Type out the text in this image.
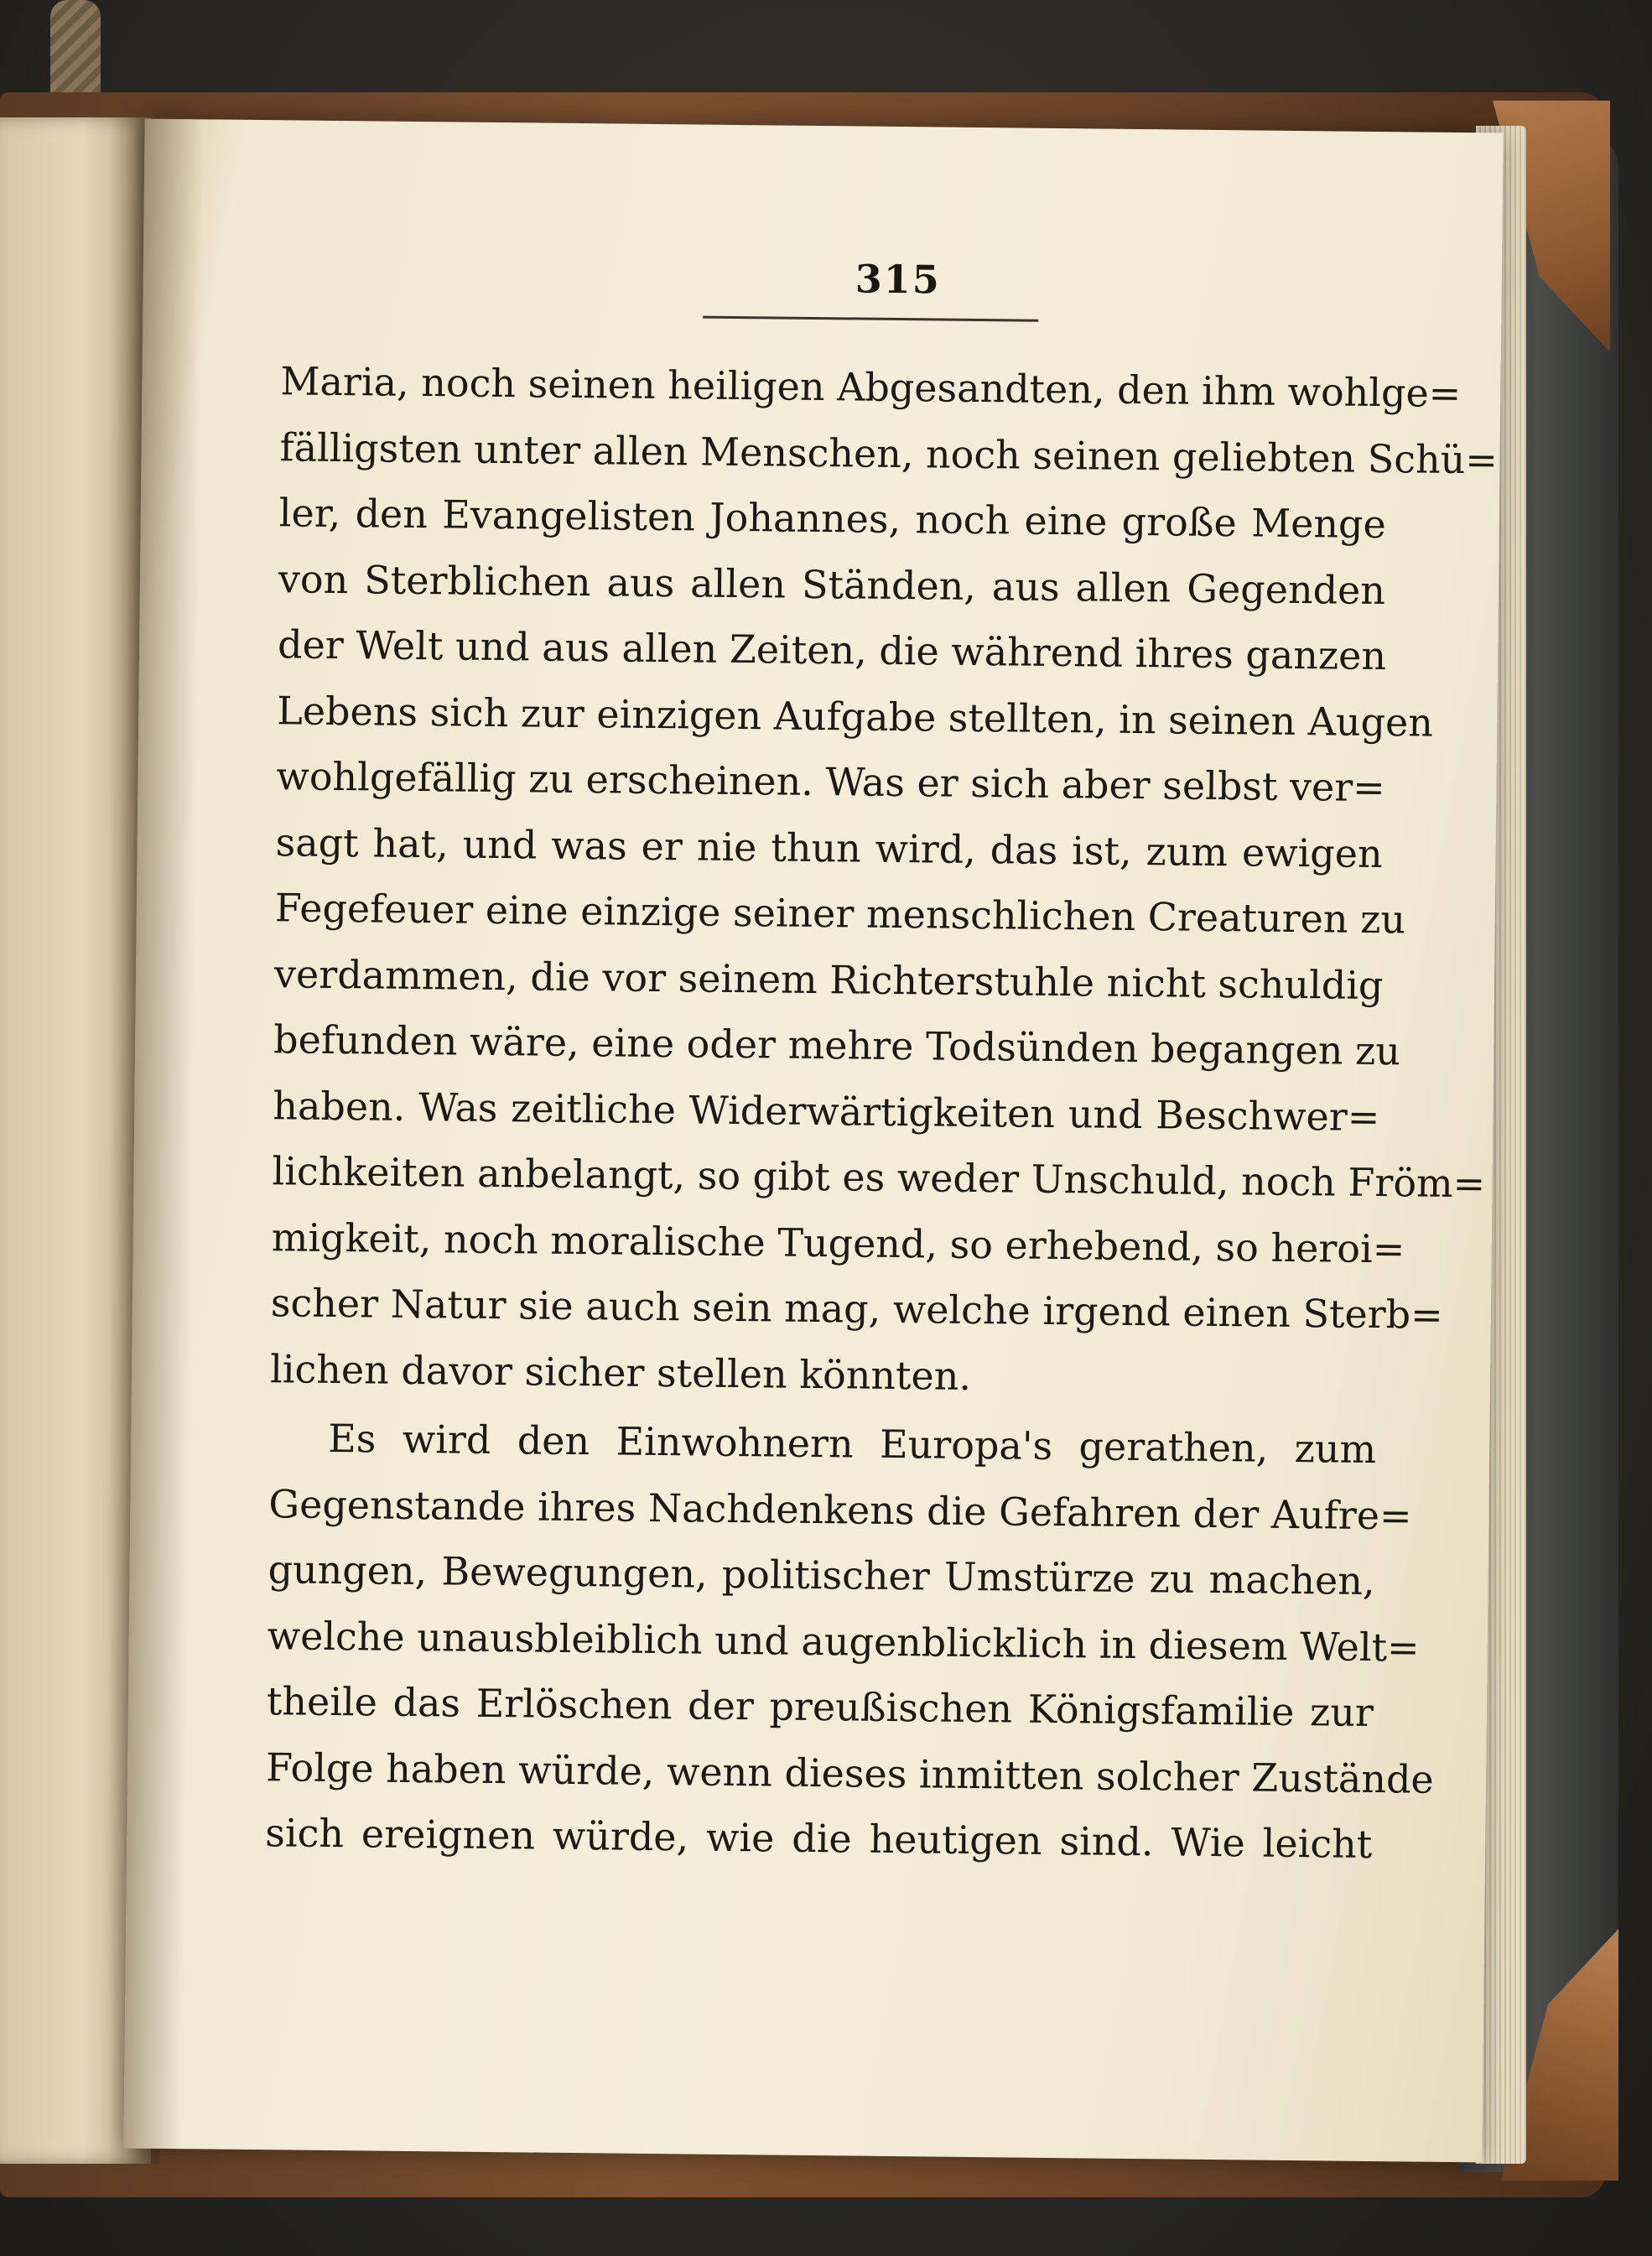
315
Maria, noch seinen heiligen Abgesandten, den ihm wohlge=
fälligsten unter allen Menschen, noch seinen geliebten Schü=
ler, den Evangelisten Johannes, noch eine große Menge
von Sterblichen aus allen Ständen, aus allen Gegenden
der Welt und aus allen Zeiten, die während ihres ganzen
Lebens sich zur einzigen Aufgabe stellten, in seinen Augen
wohlgefällig zu erscheinen. Was er sich aber selbst ver=
sagt hat, und was er nie thun wird, das ist, zum ewigen
Fegefeuer eine einzige seiner menschlichen Creaturen zu
verdammen, die vor seinem Richterstuhle nicht schuldig
befunden wäre, eine oder mehre Todsünden begangen zu
haben. Was zeitliche Widerwärtigkeiten und Beschwer=
lichkeiten anbelangt, so gibt es weder Unschuld, noch Fröm=
migkeit, noch moralische Tugend, so erhebend, so heroi=
scher Natur sie auch sein mag, welche irgend einen Sterb=
lichen davor sicher stellen könnten.
Es wird den Einwohnern Europa's gerathen, zum
Gegenstande ihres Nachdenkens die Gefahren der Aufre=
gungen, Bewegungen, politischer Umstürze zu machen,
welche unausbleiblich und augenblicklich in diesem Welt=
theile das Erlöschen der preußischen Königsfamilie zur
Folge haben würde, wenn dieses inmitten solcher Zustände
sich ereignen würde, wie die heutigen sind. Wie leicht
